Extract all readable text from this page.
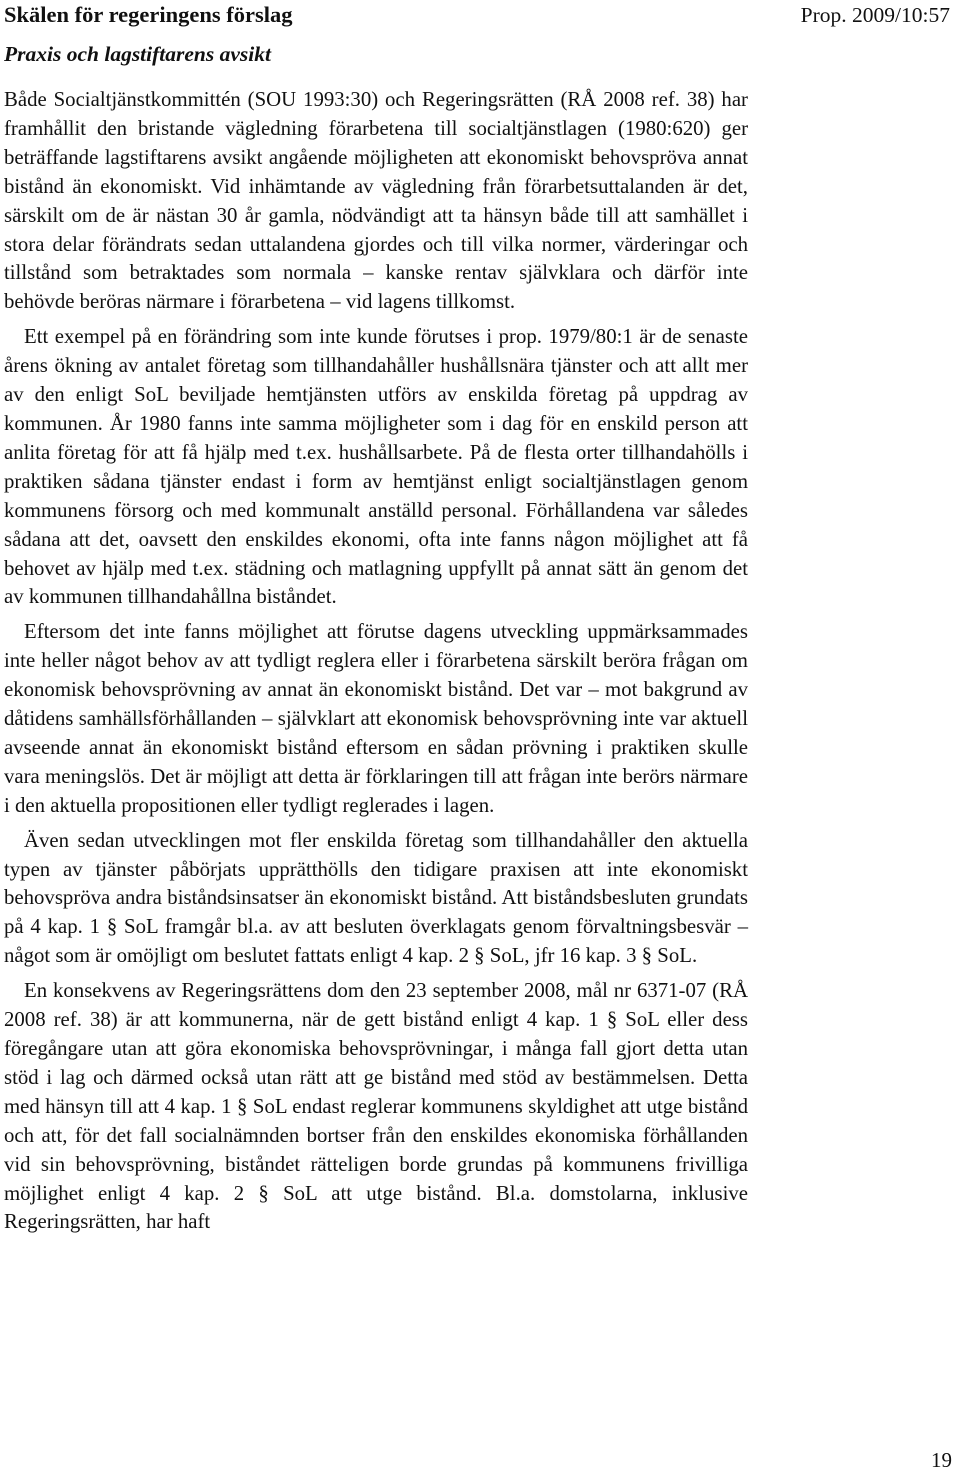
Skälen för regeringens förslag
Praxis och lagstiftarens avsikt
Prop. 2009/10:57

Både Socialtjänstkommittén (SOU 1993:30) och Regeringsrätten (RÅ 2008 ref. 38) har framhållit den bristande vägledning förarbetena till socialtjänstlagen (1980:620) ger beträffande lagstiftarens avsikt angående möjligheten att ekonomiskt behovspröva annat bistånd än ekonomiskt. Vid inhämtande av vägledning från förarbetsuttalanden är det, särskilt om de är nästan 30 år gamla, nödvändigt att ta hänsyn både till att samhället i stora delar förändrats sedan uttalandena gjordes och till vilka normer, värderingar och tillstånd som betraktades som normala – kanske rentav självklara och därför inte behövde beröras närmare i förarbetena – vid lagens tillkomst.

Ett exempel på en förändring som inte kunde förutses i prop. 1979/80:1 är de senaste årens ökning av antalet företag som tillhandahåller hushållsnära tjänster och att allt mer av den enligt SoL beviljade hemtjänsten utförs av enskilda företag på uppdrag av kommunen. År 1980 fanns inte samma möjligheter som i dag för en enskild person att anlita företag för att få hjälp med t.ex. hushållsarbete. På de flesta orter tillhandahölls i praktiken sådana tjänster endast i form av hemtjänst enligt socialtjänstlagen genom kommunens försorg och med kommunalt anställd personal. Förhållandena var således sådana att det, oavsett den enskildes ekonomi, ofta inte fanns någon möjlighet att få behovet av hjälp med t.ex. städning och matlagning uppfyllt på annat sätt än genom det av kommunen tillhandahållna biståndet.

Eftersom det inte fanns möjlighet att förutse dagens utveckling uppmärksammades inte heller något behov av att tydligt reglera eller i förarbetena särskilt beröra frågan om ekonomisk behovsprövning av annat än ekonomiskt bistånd. Det var – mot bakgrund av dåtidens samhällsförhållanden – självklart att ekonomisk behovsprövning inte var aktuell avseende annat än ekonomiskt bistånd eftersom en sådan prövning i praktiken skulle vara meningslös. Det är möjligt att detta är förklaringen till att frågan inte berörs närmare i den aktuella propositionen eller tydligt reglerades i lagen.

Även sedan utvecklingen mot fler enskilda företag som tillhandahåller den aktuella typen av tjänster påbörjats upprätthölls den tidigare praxisen att inte ekonomiskt behovspröva andra biståndsinsatser än ekonomiskt bistånd. Att biståndsbesluten grundats på 4 kap. 1 § SoL framgår bl.a. av att besluten överklagats genom förvaltningsbesvär – något som är omöjligt om beslutet fattats enligt 4 kap. 2 § SoL, jfr 16 kap. 3 § SoL.

En konsekvens av Regeringsrättens dom den 23 september 2008, mål nr 6371-07 (RÅ 2008 ref. 38) är att kommunerna, när de gett bistånd enligt 4 kap. 1 § SoL eller dess föregångare utan att göra ekonomiska behovsprövningar, i många fall gjort detta utan stöd i lag och därmed också utan rätt att ge bistånd med stöd av bestämmelsen. Detta med hänsyn till att 4 kap. 1 § SoL endast reglerar kommunens skyldighet att utge bistånd och att, för det fall socialnämnden bortser från den enskildes ekonomiska förhållanden vid sin behovsprövning, biståndet rätteligen borde grundas på kommunens frivilliga möjlighet enligt 4 kap. 2 § SoL att utge bistånd. Bl.a. domstolarna, inklusive Regeringsrätten, har haft

19
